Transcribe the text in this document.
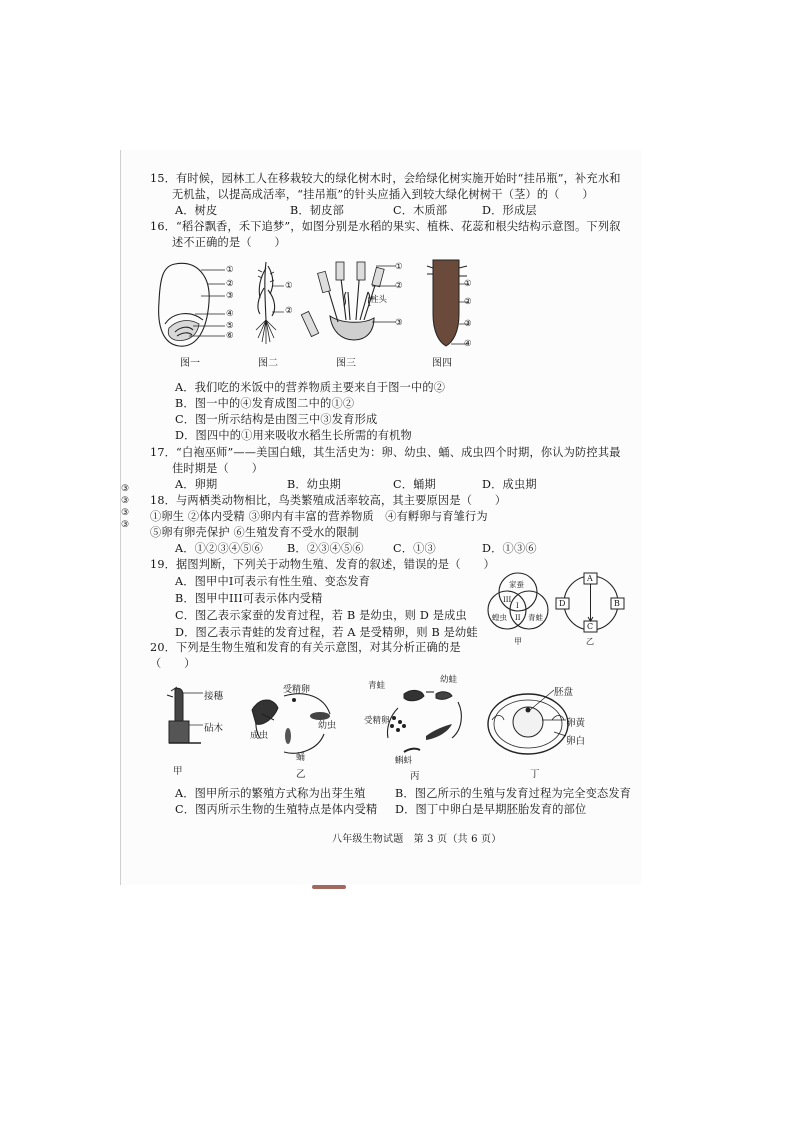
③
③
③
③
15．有时候，园林工人在移栽较大的绿化树木时，会给绿化树实施开始时“挂吊瓶”，补充水和
无机盐，以提高成活率，“挂吊瓶”的针头应插入到较大绿化树树干（茎）的（　　）
A．树皮	B．韧皮部	C．木质部	D．形成层
16．“稻谷飘香，禾下追梦”，如图分别是水稻的果实、植株、花蕊和根尖结构示意图。下列叙
述不正确的是（　　）
①
②
③
④
⑤
⑥
图一
①
②
图二
①
②
柱头
③
图三
①
②
③
④
图四
A．我们吃的米饭中的营养物质主要来自于图一中的②
B．图一中的④发育成图二中的①②
C．图一所示结构是由图三中③发育形成
D．图四中的①用来吸收水稻生长所需的有机物
17．“白袍巫师”——美国白蛾，其生活史为：卵、幼虫、蛹、成虫四个时期，你认为防控其最
佳时期是（　　）
A．卵期	B．幼虫期	C．蛹期	D．成虫期
18．与两栖类动物相比，鸟类繁殖成活率较高，其主要原因是（　　）
①卵生 ②体内受精 ③卵内有丰富的营养物质　④有孵卵与育雏行为
⑤卵有卵壳保护 ⑥生殖发育不受水的限制
A．①②③④⑤⑥ B．②③④⑤⑥	C．①③	D．①③⑥
19．据图判断，下列关于动物生殖、发育的叙述，错误的是（　　）
A．图甲中I可表示有性生殖、变态发育
B．图甲中III可表示体内受精
C．图乙表示家蚕的发育过程，若 B 是幼虫，则 D 是成虫
D．图乙表示青蛙的发育过程，若 A 是受精卵，则 B 是幼蛙
家蚕
III
I
II
蝗虫	青蛙
甲
A
B
C
D
乙
20．下列是生物生殖和发育的有关示意图，对其分析正确的是
（　　）
接穗
砧木
甲
受精卵
幼虫
成虫
蛹
乙
青蛙
幼蛙
受精卵
蝌蚪
丙
胚盘
卵黄
卵白
丁
A．图甲所示的繁殖方式称为出芽生殖	B．图乙所示的生殖与发育过程为完全变态发育
C．图丙所示生物的生殖特点是体内受精 D．图丁中卵白是早期胚胎发育的部位
八年级生物试题　第 3 页（共 6 页）
